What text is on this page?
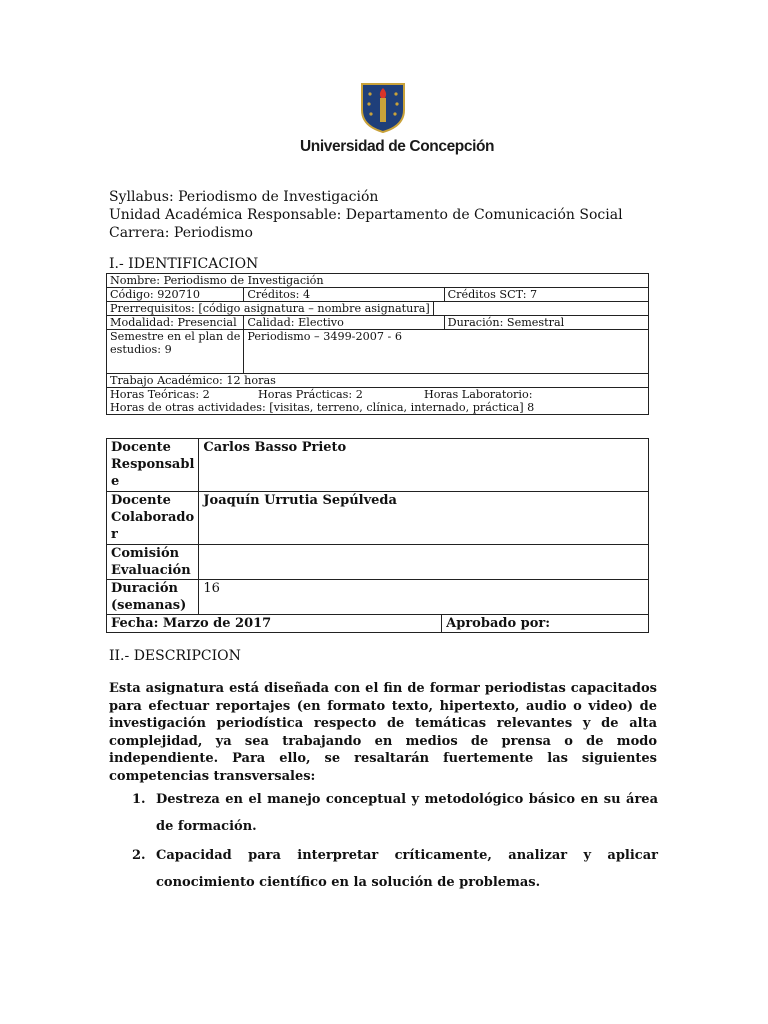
Universidad de Concepción
Syllabus: Periodismo de Investigación
Unidad Académica Responsable: Departamento de Comunicación Social
Carrera: Periodismo
I.- IDENTIFICACION
Nombre: Periodismo de Investigación		
Código: 920710	Créditos: 4	Créditos SCT: 7
Prerrequisitos: [código asignatura – nombre asignatura]		
Modalidad: Presencial	Calidad: Electivo	Duración: Semestral

Semestre en el plan de
estudios: 9	Periodismo – 3499-2007 - 6	
Trabajo Académico: 12 horas		

Horas Teóricas: 2 Horas Prácticas: 2 Horas Laboratorio:
Horas de otras actividades: [visitas, terreno, clínica, internado, práctica] 8		
Docente
Responsabl
e	Carlos Basso Prieto	

Docente
Colaborado
r	Joaquín Urrutia Sepúlveda	

Comisión
Evaluación		

Duración
(semanas)	16	
Fecha: Marzo de 2017		Aprobado por:
II.- DESCRIPCION
Esta asignatura está diseñada con el fin de formar periodistas capacitados para efectuar reportajes (en formato texto, hipertexto, audio o video) de investigación periodística respecto de temáticas relevantes y de alta complejidad, ya sea trabajando en medios de prensa o de modo independiente. Para ello, se resaltarán fuertemente las siguientes competencias transversales:
1. Destreza en el manejo conceptual y metodológico básico en su área de formación.
2. Capacidad para interpretar críticamente, analizar y aplicar conocimiento científico en la solución de problemas.
